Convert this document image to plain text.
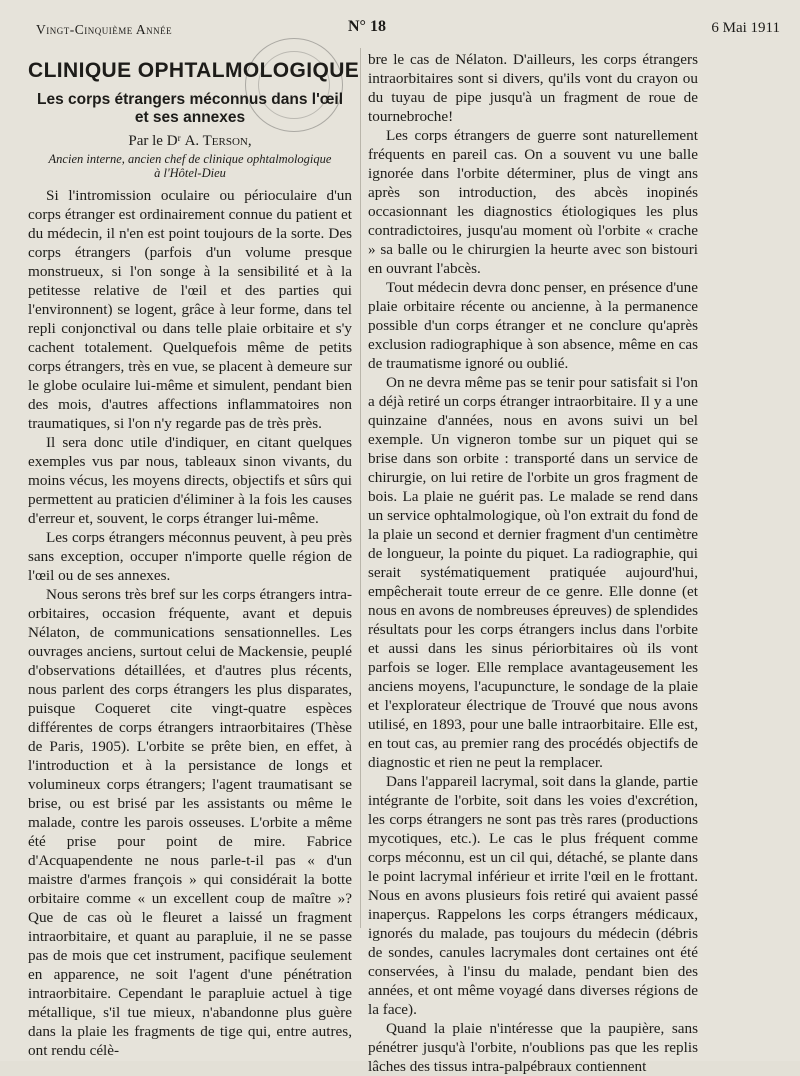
Vingt-Cinquième Année	N° 18	6 Mai 1911
CLINIQUE OPHTALMOLOGIQUE
Les corps étrangers méconnus dans l'œil
et ses annexes
Par le Dʳ A. Terson,
Ancien interne, ancien chef de clinique ophtalmologique
à l'Hôtel-Dieu

Si l'intromission oculaire ou périoculaire d'un corps étranger est ordinairement connue du patient et du médecin, il n'en est point toujours de la sorte. Des corps étrangers (parfois d'un volume presque monstrueux, si l'on songe à la sensibilité et à la petitesse relative de l'œil et des parties qui l'environnent) se logent, grâce à leur forme, dans tel repli conjonctival ou dans telle plaie orbitaire et s'y cachent totalement. Quelquefois même de petits corps étrangers, très en vue, se placent à demeure sur le globe oculaire lui-même et simulent, pendant bien des mois, d'autres affections inflammatoires non traumatiques, si l'on n'y regarde pas de très près.

Il sera donc utile d'indiquer, en citant quelques exemples vus par nous, tableaux sinon vivants, du moins vécus, les moyens directs, objectifs et sûrs qui permettent au praticien d'éliminer à la fois les causes d'erreur et, souvent, le corps étranger lui-même.

Les corps étrangers méconnus peuvent, à peu près sans exception, occuper n'importe quelle région de l'œil ou de ses annexes.

Nous serons très bref sur les corps étrangers intra-orbitaires, occasion fréquente, avant et depuis Nélaton, de communications sensationnelles. Les ouvrages anciens, surtout celui de Mackensie, peuplé d'observations détaillées, et d'autres plus récents, nous parlent des corps étrangers les plus disparates, puisque Coqueret cite vingt-quatre espèces différentes de corps étrangers intraorbitaires (Thèse de Paris, 1905). L'orbite se prête bien, en effet, à l'introduction et à la persistance de longs et volumineux corps étrangers; l'agent traumatisant se brise, ou est brisé par les assistants ou même le malade, contre les parois osseuses. L'orbite a même été prise pour point de mire. Fabrice d'Acquapendente ne nous parle-t-il pas « d'un maistre d'armes françois » qui considérait la botte orbitaire comme « un excellent coup de maître »? Que de cas où le fleuret a laissé un fragment intraorbitaire, et quant au parapluie, il ne se passe pas de mois que cet instrument, pacifique seulement en apparence, ne soit l'agent d'une pénétration intraorbitaire. Cependant le parapluie actuel à tige métallique, s'il tue mieux, n'abandonne plus guère dans la plaie les fragments de tige qui, entre autres, ont rendu célè-

bre le cas de Nélaton. D'ailleurs, les corps étrangers intraorbitaires sont si divers, qu'ils vont du crayon ou du tuyau de pipe jusqu'à un fragment de roue de tournebroche!

Les corps étrangers de guerre sont naturellement fréquents en pareil cas. On a souvent vu une balle ignorée dans l'orbite déterminer, plus de vingt ans après son introduction, des abcès inopinés occasionnant les diagnostics étiologiques les plus contradictoires, jusqu'au moment où l'orbite « crache » sa balle ou le chirurgien la heurte avec son bistouri en ouvrant l'abcès.

Tout médecin devra donc penser, en présence d'une plaie orbitaire récente ou ancienne, à la permanence possible d'un corps étranger et ne conclure qu'après exclusion radiographique à son absence, même en cas de traumatisme ignoré ou oublié.

On ne devra même pas se tenir pour satisfait si l'on a déjà retiré un corps étranger intraorbitaire. Il y a une quinzaine d'années, nous en avons suivi un bel exemple. Un vigneron tombe sur un piquet qui se brise dans son orbite : transporté dans un service de chirurgie, on lui retire de l'orbite un gros fragment de bois. La plaie ne guérit pas. Le malade se rend dans un service ophtalmologique, où l'on extrait du fond de la plaie un second et dernier fragment d'un centimètre de longueur, la pointe du piquet. La radiographie, qui serait systématiquement pratiquée aujourd'hui, empêcherait toute erreur de ce genre. Elle donne (et nous en avons de nombreuses épreuves) de splendides résultats pour les corps étrangers inclus dans l'orbite et aussi dans les sinus périorbitaires où ils vont parfois se loger. Elle remplace avantageusement les anciens moyens, l'acupuncture, le sondage de la plaie et l'explorateur électrique de Trouvé que nous avons utilisé, en 1893, pour une balle intraorbitaire. Elle est, en tout cas, au premier rang des procédés objectifs de diagnostic et rien ne peut la remplacer.

Dans l'appareil lacrymal, soit dans la glande, partie intégrante de l'orbite, soit dans les voies d'excrétion, les corps étrangers ne sont pas très rares (productions mycotiques, etc.). Le cas le plus fréquent comme corps méconnu, est un cil qui, détaché, se plante dans le point lacrymal inférieur et irrite l'œil en le frottant. Nous en avons plusieurs fois retiré qui avaient passé inaperçus. Rappelons les corps étrangers médicaux, ignorés du malade, pas toujours du médecin (débris de sondes, canules lacrymales dont certaines ont été conservées, à l'insu du malade, pendant bien des années, et ont même voyagé dans diverses régions de la face).

Quand la plaie n'intéresse que la paupière, sans pénétrer jusqu'à l'orbite, n'oublions pas que les replis lâches des tissus intra-palpébraux contiennent
